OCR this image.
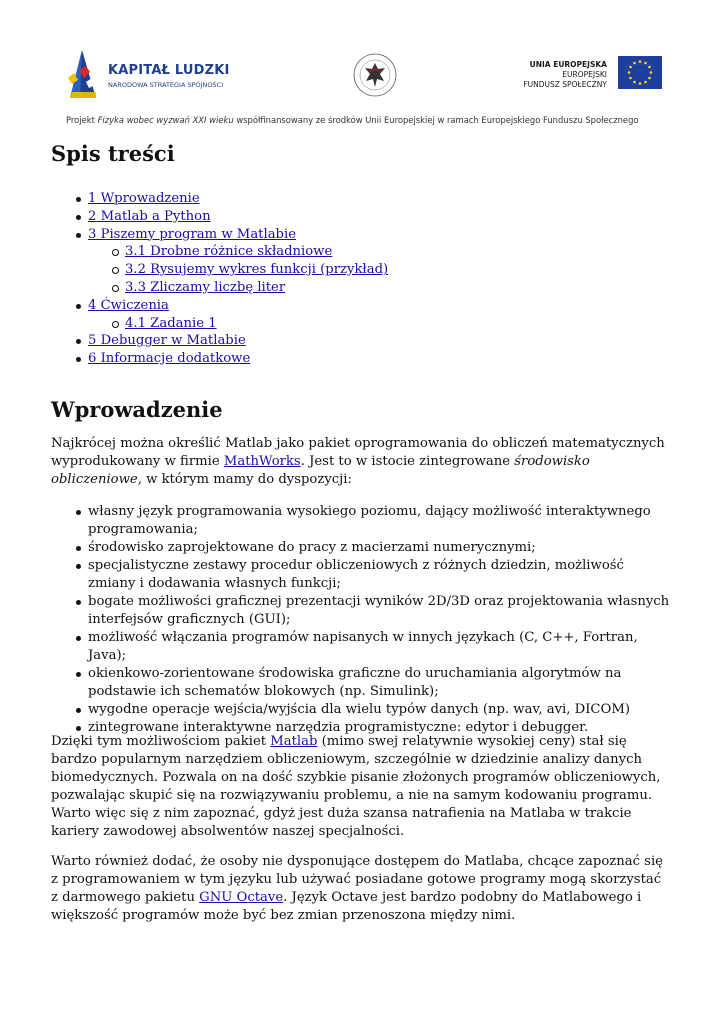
KAPITAŁ LUDZKI
NARODOWA STRATEGIA SPÓJNOŚCI
UNIA EUROPEJSKA
EUROPEJSKI
FUNDUSZ SPOŁECZNY
Projekt Fizyka wobec wyzwań XXI wieku współfinansowany ze środków Unii Europejskiej w ramach Europejskiego Funduszu Społecznego
Spis treści
1 Wprowadzenie
2 Matlab a Python
3 Piszemy program w Matlabie
3.1 Drobne różnice składniowe
3.2 Rysujemy wykres funkcji (przykład)
3.3 Zliczamy liczbę liter
4 Ćwiczenia
4.1 Zadanie 1
5 Debugger w Matlabie
6 Informacje dodatkowe
Wprowadzenie

Najkrócej można określić Matlab jako pakiet oprogramowania do obliczeń matematycznych wyprodukowany w firmie MathWorks. Jest to w istocie zintegrowane środowisko obliczeniowe, w którym mamy do dyspozycji:

własny język programowania wysokiego poziomu, dający możliwość interaktywnego programowania;
środowisko zaprojektowane do pracy z macierzami numerycznymi;
specjalistyczne zestawy procedur obliczeniowych z różnych dziedzin, możliwość zmiany i dodawania własnych funkcji;
bogate możliwości graficznej prezentacji wyników 2D/3D oraz projektowania własnych interfejsów graficznych (GUI);
możliwość włączania programów napisanych w innych językach (C, C++, Fortran, Java);
okienkowo-zorientowane środowiska graficzne do uruchamiania algorytmów na podstawie ich schematów blokowych (np. Simulink);
wygodne operacje wejścia/wyjścia dla wielu typów danych (np. wav, avi, DICOM)
zintegrowane interaktywne narzędzia programistyczne: edytor i debugger.

Dzięki tym możliwościom pakiet Matlab (mimo swej relatywnie wysokiej ceny) stał się bardzo popularnym narzędziem obliczeniowym, szczególnie w dziedzinie analizy danych biomedycznych. Pozwala on na dość szybkie pisanie złożonych programów obliczeniowych, pozwalając skupić się na rozwiązywaniu problemu, a nie na samym kodowaniu programu. Warto więc się z nim zapoznać, gdyż jest duża szansa natrafienia na Matlaba w trakcie kariery zawodowej absolwentów naszej specjalności.

Warto również dodać, że osoby nie dysponujące dostępem do Matlaba, chcące zapoznać się z programowaniem w tym języku lub używać posiadane gotowe programy mogą skorzystać z darmowego pakietu GNU Octave. Język Octave jest bardzo podobny do Matlabowego i większość programów może być bez zmian przenoszona między nimi.
